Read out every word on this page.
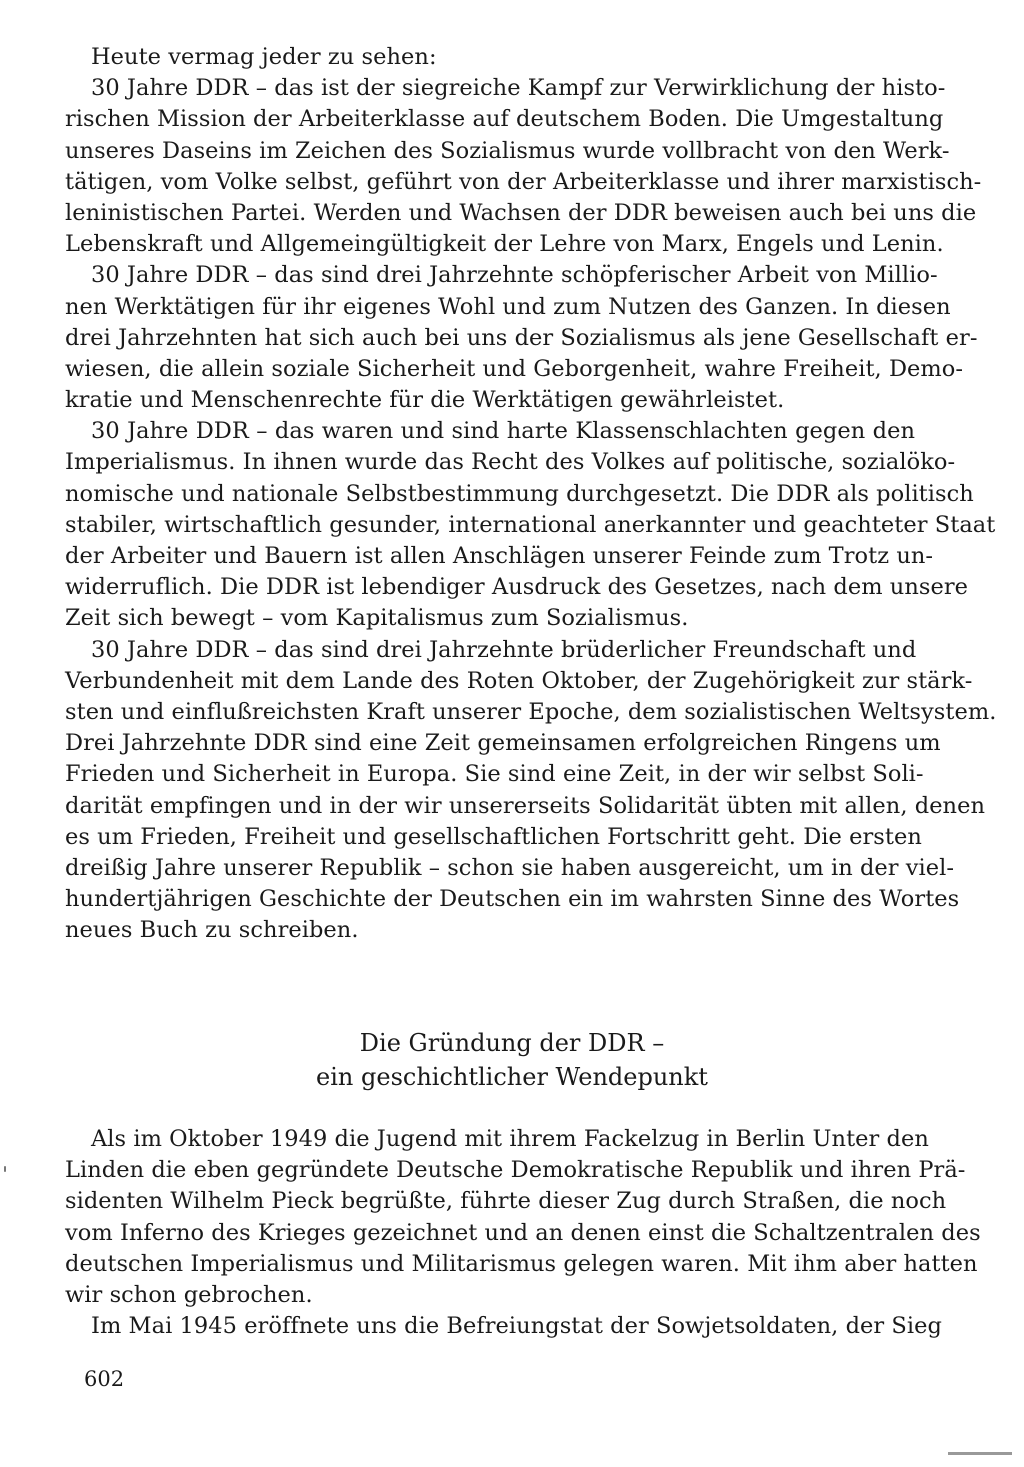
Heute vermag jeder zu sehen:
30 Jahre DDR – das ist der siegreiche Kampf zur Verwirklichung der histo-
rischen Mission der Arbeiterklasse auf deutschem Boden. Die Umgestaltung
unseres Daseins im Zeichen des Sozialismus wurde vollbracht von den Werk-
tätigen, vom Volke selbst, geführt von der Arbeiterklasse und ihrer marxistisch-
leninistischen Partei. Werden und Wachsen der DDR beweisen auch bei uns die
Lebenskraft und Allgemeingültigkeit der Lehre von Marx, Engels und Lenin.
30 Jahre DDR – das sind drei Jahrzehnte schöpferischer Arbeit von Millio-
nen Werktätigen für ihr eigenes Wohl und zum Nutzen des Ganzen. In diesen
drei Jahrzehnten hat sich auch bei uns der Sozialismus als jene Gesellschaft er-
wiesen, die allein soziale Sicherheit und Geborgenheit, wahre Freiheit, Demo-
kratie und Menschenrechte für die Werktätigen gewährleistet.
30 Jahre DDR – das waren und sind harte Klassenschlachten gegen den
Imperialismus. In ihnen wurde das Recht des Volkes auf politische, sozialöko-
nomische und nationale Selbstbestimmung durchgesetzt. Die DDR als politisch
stabiler, wirtschaftlich gesunder, international anerkannter und geachteter Staat
der Arbeiter und Bauern ist allen Anschlägen unserer Feinde zum Trotz un-
widerruflich. Die DDR ist lebendiger Ausdruck des Gesetzes, nach dem unsere
Zeit sich bewegt – vom Kapitalismus zum Sozialismus.
30 Jahre DDR – das sind drei Jahrzehnte brüderlicher Freundschaft und
Verbundenheit mit dem Lande des Roten Oktober, der Zugehörigkeit zur stärk-
sten und einflußreichsten Kraft unserer Epoche, dem sozialistischen Weltsystem.
Drei Jahrzehnte DDR sind eine Zeit gemeinsamen erfolgreichen Ringens um
Frieden und Sicherheit in Europa. Sie sind eine Zeit, in der wir selbst Soli-
darität empfingen und in der wir unsererseits Solidarität übten mit allen, denen
es um Frieden, Freiheit und gesellschaftlichen Fortschritt geht. Die ersten
dreißig Jahre unserer Republik – schon sie haben ausgereicht, um in der viel-
hundertjährigen Geschichte der Deutschen ein im wahrsten Sinne des Wortes
neues Buch zu schreiben.
Die Gründung der DDR –
ein geschichtlicher Wendepunkt
Als im Oktober 1949 die Jugend mit ihrem Fackelzug in Berlin Unter den
Linden die eben gegründete Deutsche Demokratische Republik und ihren Prä-
sidenten Wilhelm Pieck begrüßte, führte dieser Zug durch Straßen, die noch
vom Inferno des Krieges gezeichnet und an denen einst die Schaltzentralen des
deutschen Imperialismus und Militarismus gelegen waren. Mit ihm aber hatten
wir schon gebrochen.
Im Mai 1945 eröffnete uns die Befreiungstat der Sowjetsoldaten, der Sieg
602
